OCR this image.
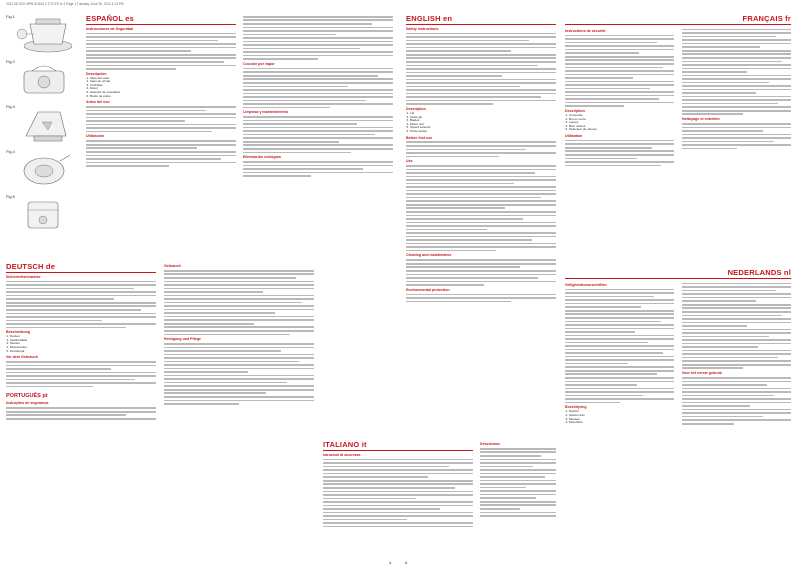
2012-06 SCG MPB SLBA4 2 T/70 ES fx 4 Page 1 Tuesday, June 26, 2012 4:13 PM
Fig.1
Fig.2
Fig.3
Fig.4
Fig.5
ESPAÑOL es
Instrucciones de Seguridad
Descripción
1. Tapa del vaso
2. Vaso de cristal
3. Cuchillas
4. Motor
5. Selector de velocidad
6. Botón de pulso
Antes del uso
Utilización
Cocción por vapor
Limpieza y mantenimiento
Eliminación ecológica
DEUTSCH de
Sicherheitshinweise
Beschreibung
1. Deckel
2. Glasbehälter
3. Messer
4. Motorsockel
5. Drehknopf
Vor dem Gebrauch
PORTUGUÊS pt
Instruções de segurança
Gebrauch
Reinigung und Pflege
ENGLISH en
Safety instructions
Description
1. Lid
2. Glass jar
3. Blades
4. Motor unit
5. Speed selector
6. Pulse button
Before first use
Use
Cleaning and maintenance
Environmental protection
FRANÇAIS fr
Instructions de sécurité
Description
1. Couvercle
2. Bol en verre
3. Lames
4. Bloc moteur
5. Sélecteur de vitesse
Utilisation
Nettoyage et entretien
ITALIANO it
Istruzioni di sicurezza
Descrizione
NEDERLANDS nl
Veiligheidsvoorschriften
Beschrijving
1. Deksel
2. Glazen kan
3. Messen
4. Motorblok
Voor het eerste gebruik
1	2
